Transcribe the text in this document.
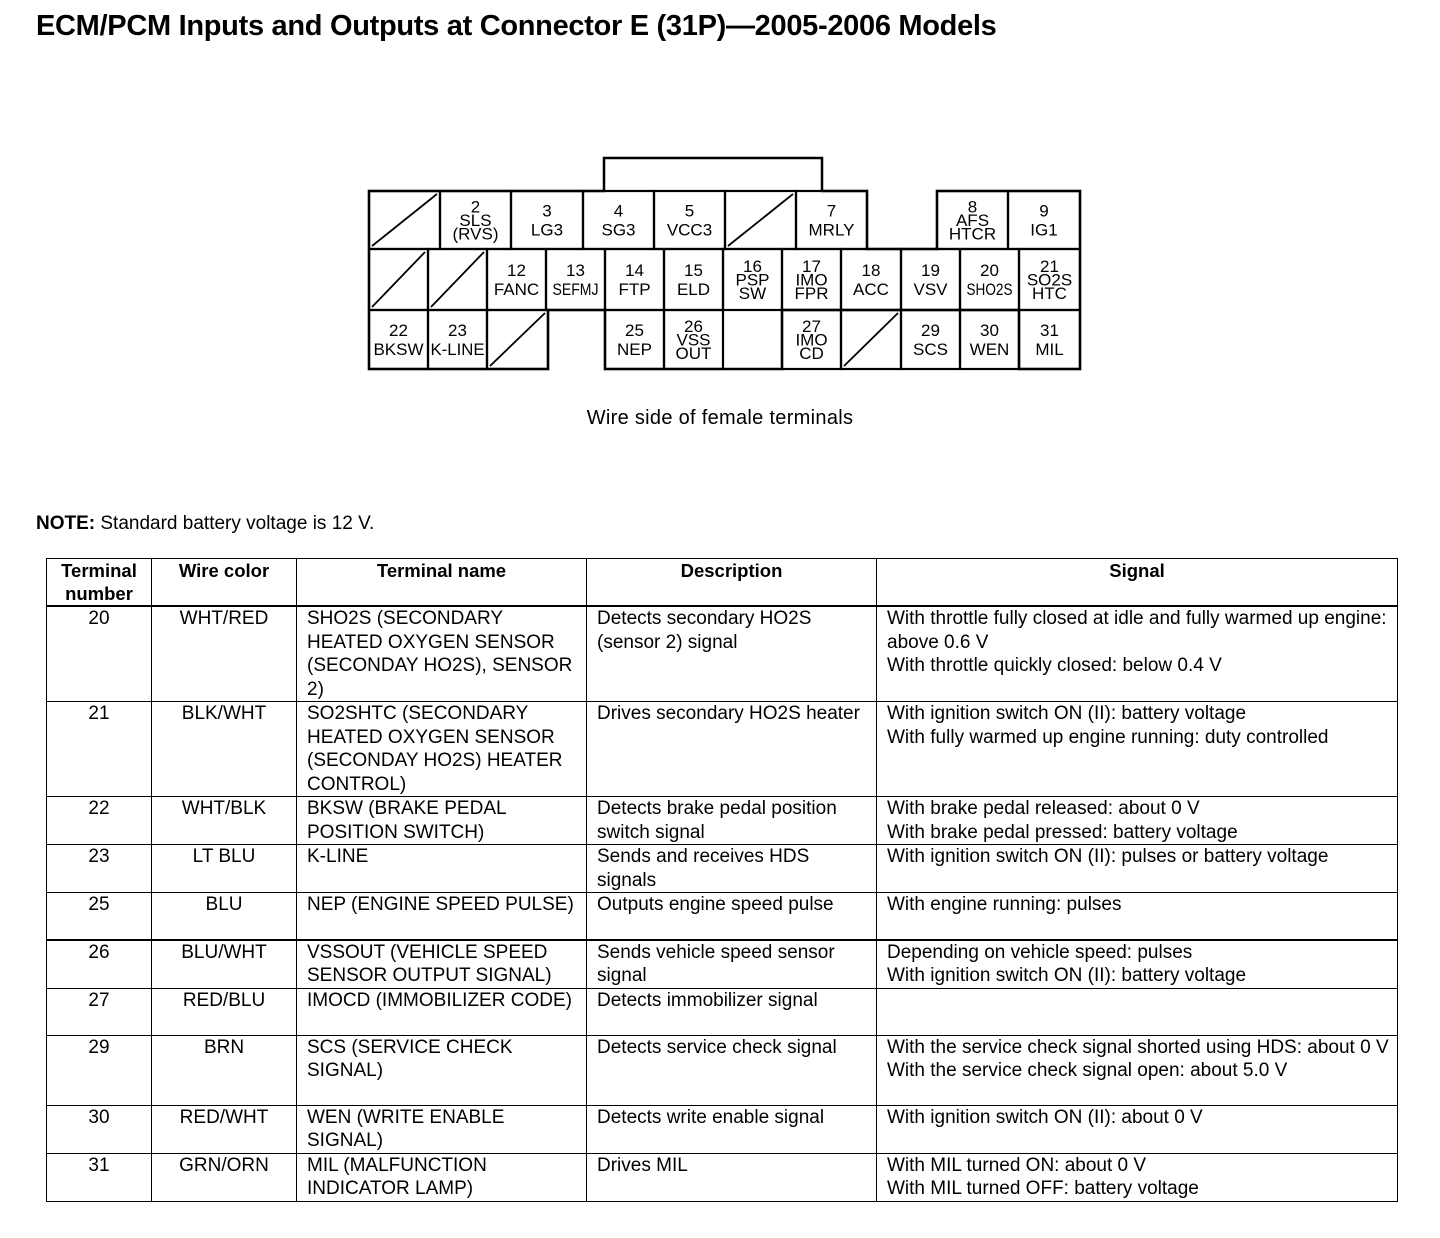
ECM/PCM Inputs and Outputs at Connector E (31P)—2005-2006 Models
2
SLS
(RVS)
3
LG3
4
SG3
5
VCC3
7
MRLY
8
AFS
HTCR
9
IG1
12
FANC
13
SEFMJ
14
FTP
15
ELD
16
PSP
SW
17
IMO
FPR
18
ACC
19
VSV
20
SHO2S
21
SO2S
HTC
22
BKSW
23
K-LINE
25
NEP
26
VSS
OUT
27
IMO
CD
29
SCS
30
WEN
31
MIL
Wire side of female terminals
NOTE: Standard battery voltage is 12 V.
Terminal number	Wire color	Terminal name	Description	Signal
20	WHT/RED	SHO2S (SECONDARY HEATED OXYGEN SENSOR (SECONDAY HO2S), SENSOR 2)	Detects secondary HO2S (sensor 2) signal	With throttle fully closed at idle and fully warmed up engine: above 0.6 V
With throttle quickly closed: below 0.4 V

21	BLK/WHT	SO2SHTC (SECONDARY HEATED OXYGEN SENSOR (SECONDAY HO2S) HEATER CONTROL)	Drives secondary HO2S heater	With ignition switch ON (II): battery voltage
With fully warmed up engine running: duty controlled

22	WHT/BLK	BKSW (BRAKE PEDAL POSITION SWITCH)	Detects brake pedal position switch signal	With brake pedal released: about 0 V
With brake pedal pressed: battery voltage

23	LT BLU	K-LINE	Sends and receives HDS signals	With ignition switch ON (II): pulses or battery voltage

25	BLU	NEP (ENGINE SPEED PULSE)	Outputs engine speed pulse	With engine running: pulses

26	BLU/WHT	VSSOUT (VEHICLE SPEED SENSOR OUTPUT SIGNAL)	Sends vehicle speed sensor signal	Depending on vehicle speed: pulses
With ignition switch ON (II): battery voltage

27	RED/BLU	IMOCD (IMMOBILIZER CODE)	Detects immobilizer signal	
29	BRN	SCS (SERVICE CHECK SIGNAL)	Detects service check signal	With the service check signal shorted using HDS: about 0 V
With the service check signal open: about 5.0 V

30	RED/WHT	WEN (WRITE ENABLE SIGNAL)	Detects write enable signal	With ignition switch ON (II): about 0 V

31	GRN/ORN	MIL (MALFUNCTION INDICATOR LAMP)	Drives MIL	With MIL turned ON: about 0 V
With MIL turned OFF: battery voltage
